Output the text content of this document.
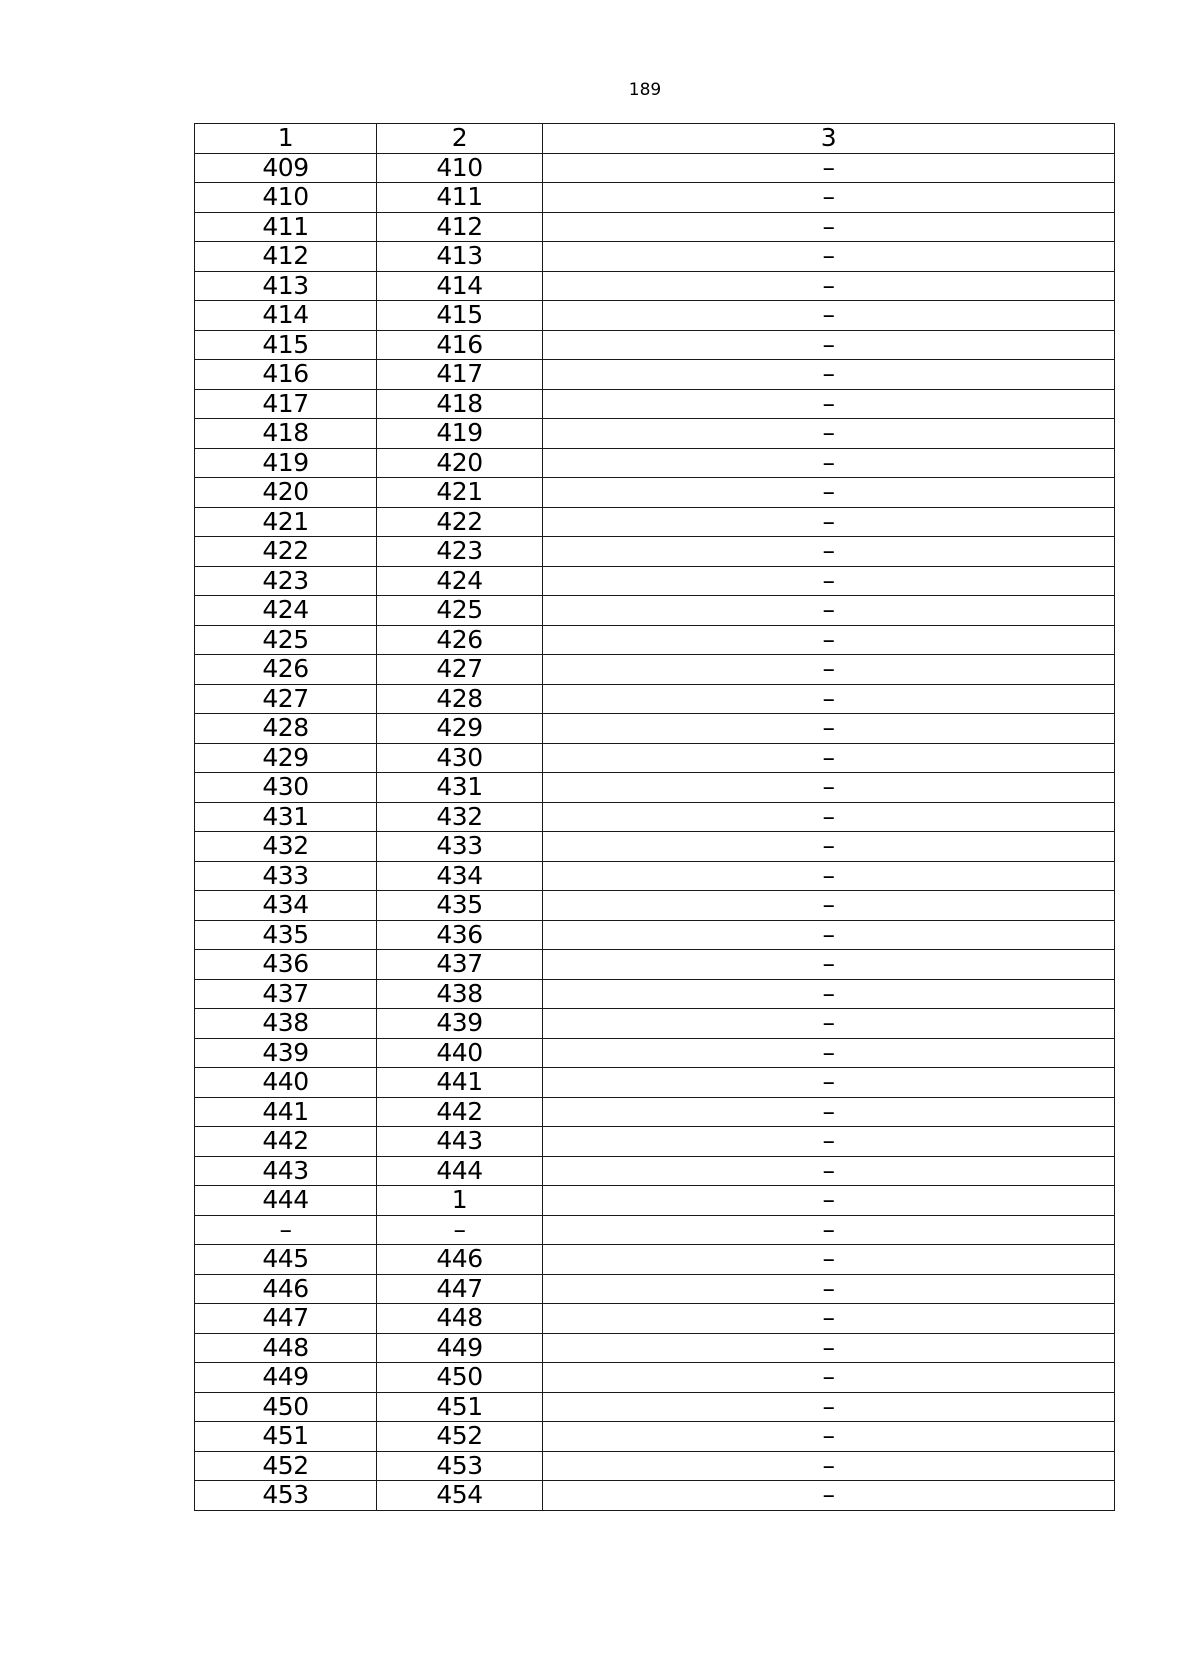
189
1	2	3
409	410	–
410	411	–
411	412	–
412	413	–
413	414	–
414	415	–
415	416	–
416	417	–
417	418	–
418	419	–
419	420	–
420	421	–
421	422	–
422	423	–
423	424	–
424	425	–
425	426	–
426	427	–
427	428	–
428	429	–
429	430	–
430	431	–
431	432	–
432	433	–
433	434	–
434	435	–
435	436	–
436	437	–
437	438	–
438	439	–
439	440	–
440	441	–
441	442	–
442	443	–
443	444	–
444	1	–
–	–	–
445	446	–
446	447	–
447	448	–
448	449	–
449	450	–
450	451	–
451	452	–
452	453	–
453	454	–
